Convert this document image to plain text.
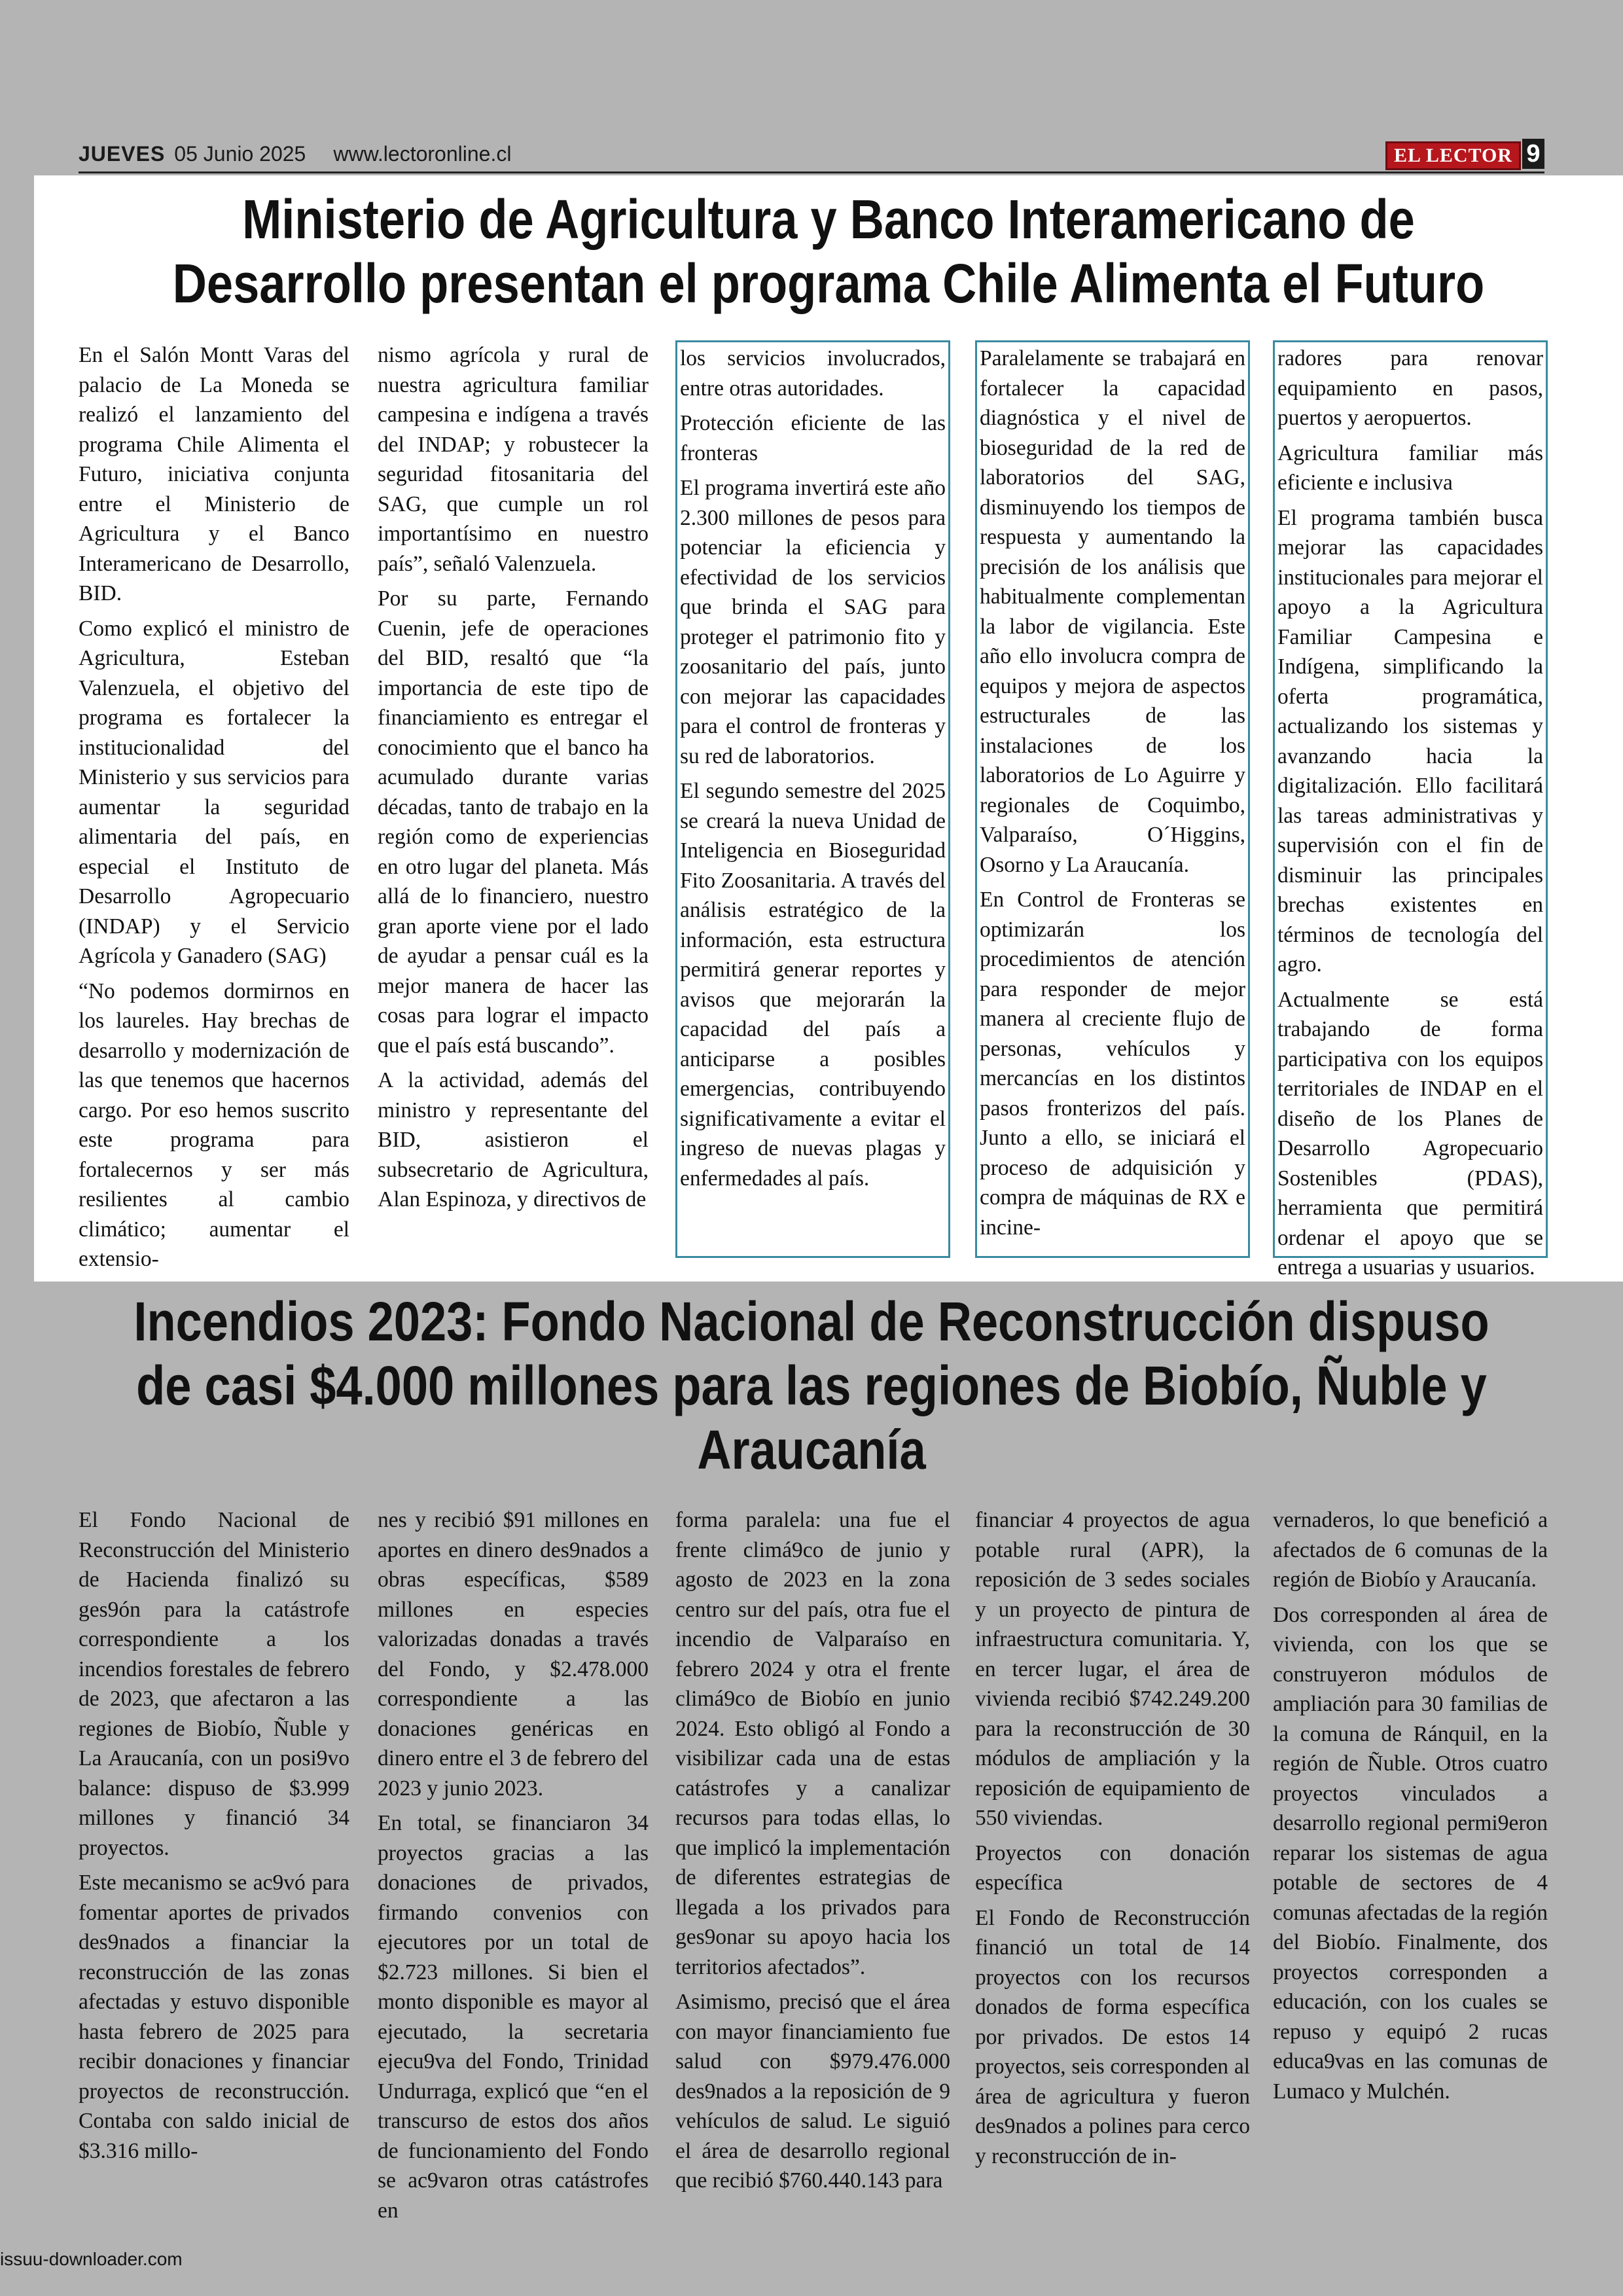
JUEVES 05 Junio 2025 www.lectoronline.cl	EL LECTOR 9
Ministerio de Agricultura y Banco Interamericano de Desarrollo presentan el programa Chile Alimenta el Futuro

En el Salón Montt Varas del palacio de La Moneda se realizó el lanzamiento del programa Chile Alimenta el Futuro, iniciativa conjunta entre el Ministerio de Agricultura y el Banco Interamericano de Desarrollo, BID.

Como explicó el ministro de Agricultura, Esteban Valenzuela, el objetivo del programa es fortalecer la institucionalidad del Ministerio y sus servicios para aumentar la seguridad alimentaria del país, en especial el Instituto de Desarrollo Agropecuario (INDAP) y el Servicio Agrícola y Ganadero (SAG)

“No podemos dormirnos en los laureles. Hay brechas de desarrollo y modernización de las que tenemos que hacernos cargo. Por eso hemos suscrito este programa para fortalecernos y ser más resilientes al cambio climático; aumentar el extensio-

nismo agrícola y rural de nuestra agricultura familiar campesina e indígena a través del INDAP; y robustecer la seguridad fitosanitaria del SAG, que cumple un rol importantísimo en nuestro país”, señaló Valenzuela.

Por su parte, Fernando Cuenin, jefe de operaciones del BID, resaltó que “la importancia de este tipo de financiamiento es entregar el conocimiento que el banco ha acumulado durante varias décadas, tanto de trabajo en la región como de experiencias en otro lugar del planeta. Más allá de lo financiero, nuestro gran aporte viene por el lado de ayudar a pensar cuál es la mejor manera de hacer las cosas para lograr el impacto que el país está buscando”.

A la actividad, además del ministro y representante del BID, asistieron el subsecretario de Agricultura, Alan Espinoza, y directivos de

los servicios involucrados, entre otras autoridades.

Protección eficiente de las fronteras

El programa invertirá este año 2.300 millones de pesos para potenciar la eficiencia y efectividad de los servicios que brinda el SAG para proteger el patrimonio fito y zoosanitario del país, junto con mejorar las capacidades para el control de fronteras y su red de laboratorios.

El segundo semestre del 2025 se creará la nueva Unidad de Inteligencia en Bioseguridad Fito Zoosanitaria. A través del análisis estratégico de la información, esta estructura permitirá generar reportes y avisos que mejorarán la capacidad del país a anticiparse a posibles emergencias, contribuyendo significativamente a evitar el ingreso de nuevas plagas y enfermedades al país.

Paralelamente se trabajará en fortalecer la capacidad diagnóstica y el nivel de bioseguridad de la red de laboratorios del SAG, disminuyendo los tiempos de respuesta y aumentando la precisión de los análisis que habitualmente complementan la labor de vigilancia. Este año ello involucra compra de equipos y mejora de aspectos estructurales de las instalaciones de los laboratorios de Lo Aguirre y regionales de Coquimbo, Valparaíso, O´Higgins, Osorno y La Araucanía.

En Control de Fronteras se optimizarán los procedimientos de atención para responder de mejor manera al creciente flujo de personas, vehículos y mercancías en los distintos pasos fronterizos del país. Junto a ello, se iniciará el proceso de adquisición y compra de máquinas de RX e incine-

radores para renovar equipamiento en pasos, puertos y aeropuertos.

Agricultura familiar más eficiente e inclusiva

El programa también busca mejorar las capacidades institucionales para mejorar el apoyo a la Agricultura Familiar Campesina e Indígena, simplificando la oferta programática, actualizando los sistemas y avanzando hacia la digitalización. Ello facilitará las tareas administrativas y supervisión con el fin de disminuir las principales brechas existentes en términos de tecnología del agro.

Actualmente se está trabajando de forma participativa con los equipos territoriales de INDAP en el diseño de los Planes de Desarrollo Agropecuario Sostenibles (PDAS), herramienta que permitirá ordenar el apoyo que se entrega a usuarias y usuarios.

Incendios 2023: Fondo Nacional de Reconstrucción dispuso de casi $4.000 millones para las regiones de Biobío, Ñuble y Araucanía

El Fondo Nacional de Reconstrucción del Ministerio de Hacienda finalizó su ges9ón para la catástrofe correspondiente a los incendios forestales de febrero de 2023, que afectaron a las regiones de Biobío, Ñuble y La Araucanía, con un posi9vo balance: dispuso de $3.999 millones y financió 34 proyectos.

Este mecanismo se ac9vó para fomentar aportes de privados des9nados a financiar la reconstrucción de las zonas afectadas y estuvo disponible hasta febrero de 2025 para recibir donaciones y financiar proyectos de reconstrucción. Contaba con saldo inicial de $3.316 millo-

nes y recibió $91 millones en aportes en dinero des9nados a obras específicas, $589 millones en especies valorizadas donadas a través del Fondo, y $2.478.000 correspondiente a las donaciones genéricas en dinero entre el 3 de febrero del 2023 y junio 2023.

En total, se financiaron 34 proyectos gracias a las donaciones de privados, firmando convenios con ejecutores por un total de $2.723 millones. Si bien el monto disponible es mayor al ejecutado, la secretaria ejecu9va del Fondo, Trinidad Undurraga, explicó que “en el transcurso de estos dos años de funcionamiento del Fondo se ac9varon otras catástrofes en

forma paralela: una fue el frente climá9co de junio y agosto de 2023 en la zona centro sur del país, otra fue el incendio de Valparaíso en febrero 2024 y otra el frente climá9co de Biobío en junio 2024. Esto obligó al Fondo a visibilizar cada una de estas catástrofes y a canalizar recursos para todas ellas, lo que implicó la implementación de diferentes estrategias de llegada a los privados para ges9onar su apoyo hacia los territorios afectados”.

Asimismo, precisó que el área con mayor financiamiento fue salud con $979.476.000 des9nados a la reposición de 9 vehículos de salud. Le siguió el área de desarrollo regional que recibió $760.440.143 para

financiar 4 proyectos de agua potable rural (APR), la reposición de 3 sedes sociales y un proyecto de pintura de infraestructura comunitaria. Y, en tercer lugar, el área de vivienda recibió $742.249.200 para la reconstrucción de 30 módulos de ampliación y la reposición de equipamiento de 550 viviendas.

Proyectos con donación específica

El Fondo de Reconstrucción financió un total de 14 proyectos con los recursos donados de forma específica por privados. De estos 14 proyectos, seis corresponden al área de agricultura y fueron des9nados a polines para cerco y reconstrucción de in-

vernaderos, lo que benefició a afectados de 6 comunas de la región de Biobío y Araucanía.

Dos corresponden al área de vivienda, con los que se construyeron módulos de ampliación para 30 familias de la comuna de Ránquil, en la región de Ñuble. Otros cuatro proyectos vinculados a desarrollo regional permi9eron reparar los sistemas de agua potable de sectores de 4 comunas afectadas de la región del Biobío. Finalmente, dos proyectos corresponden a educación, con los cuales se repuso y equipó 2 rucas educa9vas en las comunas de Lumaco y Mulchén.

issuu-downloader.com
